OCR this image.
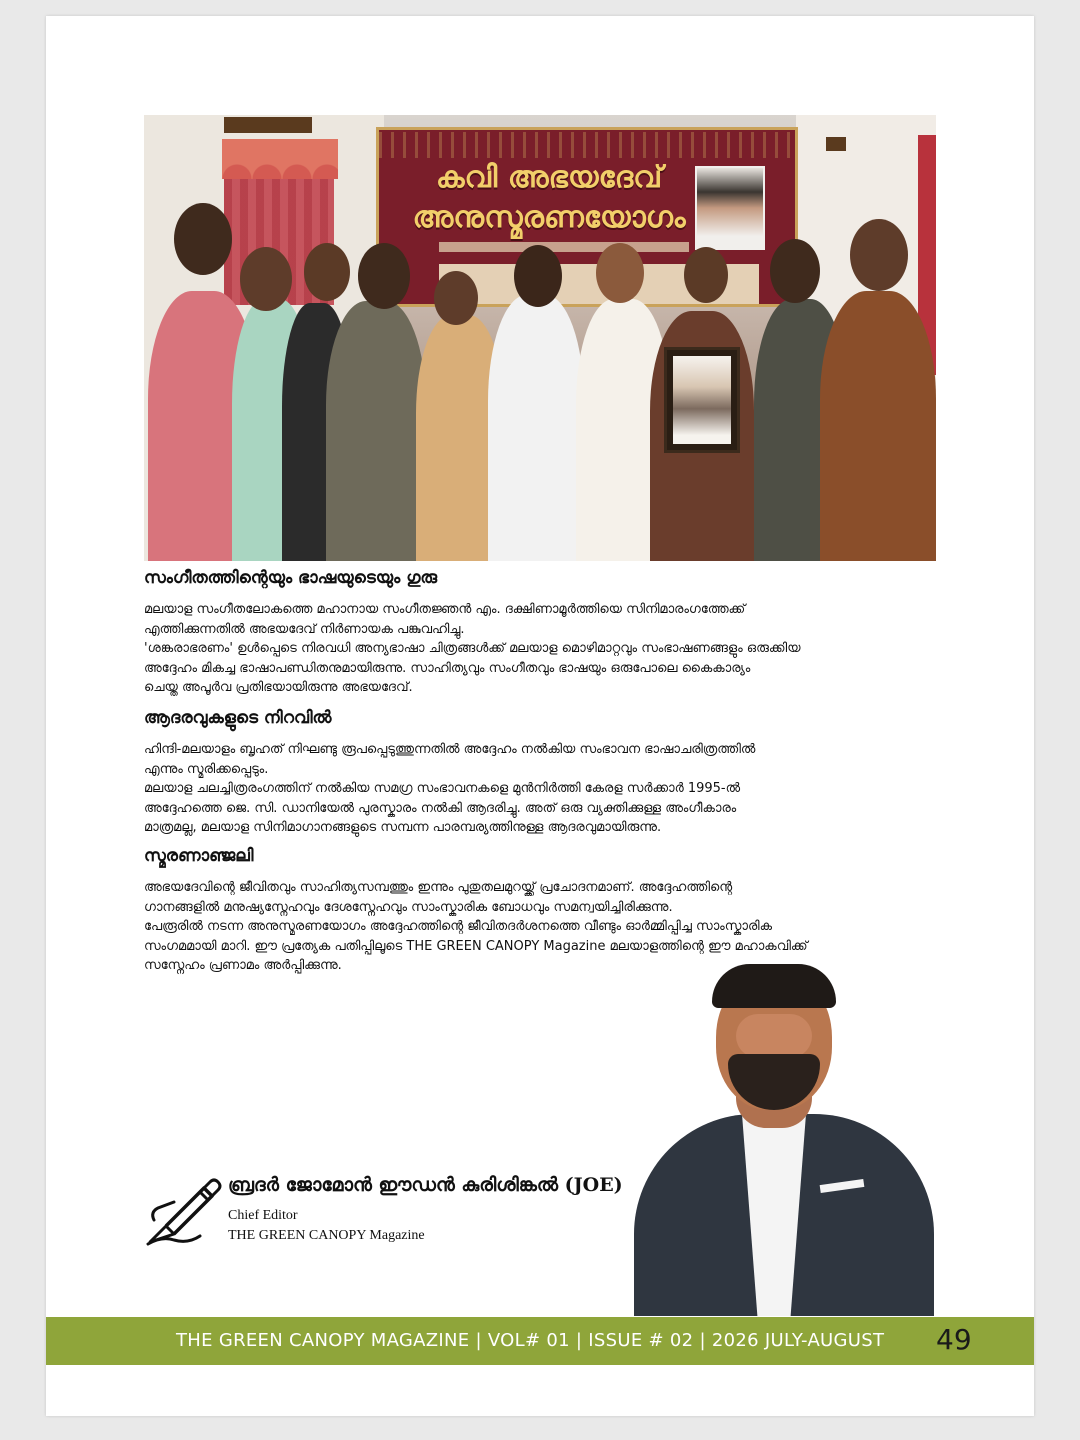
കവി അഭയദേവ്
അനുസ്മരണയോഗം
സംഗീതത്തിന്റെയും ഭാഷയുടെയും ഗുരു

മലയാള സംഗീതലോകത്തെ മഹാനായ സംഗീതജ്ഞൻ എം. ദക്ഷിണാമൂർത്തിയെ സിനിമാരംഗത്തേക്ക്
എത്തിക്കുന്നതിൽ അഭയദേവ് നിർണായക പങ്കുവഹിച്ചു.
'ശങ്കരാഭരണം' ഉൾപ്പെടെ നിരവധി അന്യഭാഷാ ചിത്രങ്ങൾക്ക് മലയാള മൊഴിമാറ്റവും സംഭാഷണങ്ങളും ഒരുക്കിയ
അദ്ദേഹം മികച്ച ഭാഷാപണ്ഡിതനുമായിരുന്നു. സാഹിത്യവും സംഗീതവും ഭാഷയും ഒരുപോലെ കൈകാര്യം
ചെയ്ത അപൂർവ പ്രതിഭയായിരുന്നു അഭയദേവ്.

ആദരവുകളുടെ നിറവിൽ

ഹിന്ദി-മലയാളം ബൃഹത് നിഘണ്ടു രൂപപ്പെടുത്തുന്നതിൽ അദ്ദേഹം നൽകിയ സംഭാവന ഭാഷാചരിത്രത്തിൽ
എന്നും സ്മരിക്കപ്പെടും.
മലയാള ചലച്ചിത്രരംഗത്തിന് നൽകിയ സമഗ്ര സംഭാവനകളെ മുൻനിർത്തി കേരള സർക്കാർ 1995-ൽ
അദ്ദേഹത്തെ ജെ. സി. ഡാനിയേൽ പുരസ്കാരം നൽകി ആദരിച്ചു. അത് ഒരു വ്യക്തിക്കുള്ള അംഗീകാരം
മാത്രമല്ല, മലയാള സിനിമാഗാനങ്ങളുടെ സമ്പന്ന പാരമ്പര്യത്തിനുള്ള ആദരവുമായിരുന്നു.

സ്മരണാഞ്ജലി

അഭയദേവിന്റെ ജീവിതവും സാഹിത്യസമ്പത്തും ഇന്നും പുതുതലമുറയ്ക്ക് പ്രചോദനമാണ്. അദ്ദേഹത്തിന്റെ
ഗാനങ്ങളിൽ മനുഷ്യസ്നേഹവും ദേശസ്നേഹവും സാംസ്കാരിക ബോധവും സമന്വയിച്ചിരിക്കുന്നു.
പേരൂരിൽ നടന്ന അനുസ്മരണയോഗം അദ്ദേഹത്തിന്റെ ജീവിതദർശനത്തെ വീണ്ടും ഓർമ്മിപ്പിച്ച സാംസ്കാരിക
സംഗമമായി മാറി. ഈ പ്രത്യേക പതിപ്പിലൂടെ THE GREEN CANOPY Magazine മലയാളത്തിന്റെ ഈ മഹാകവിക്ക്
സസ്നേഹം പ്രണാമം അർപ്പിക്കുന്നു.

ബ്രദർ ജോമോൻ ഈഡൻ കുരിശിങ്കൽ (JOE)
Chief Editor
THE GREEN CANOPY Magazine
THE GREEN CANOPY MAGAZINE | VOL# 01 | ISSUE # 02 | 2026 JULY-AUGUST 49
